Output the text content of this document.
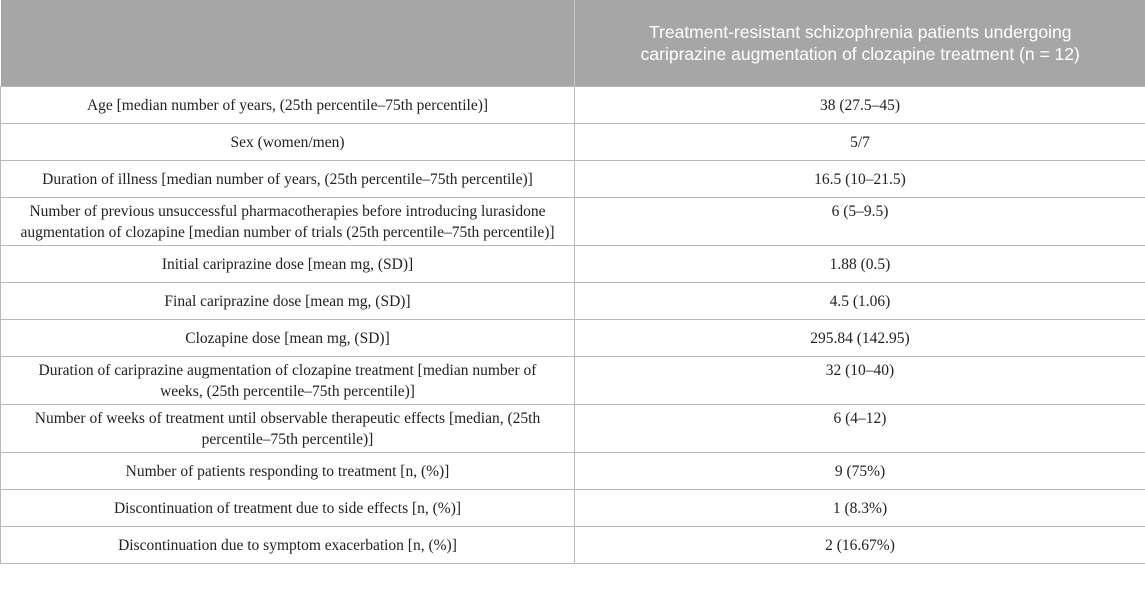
	Treatment-resistant schizophrenia patients undergoing
cariprazine augmentation of clozapine treatment (n = 12)
Age [median number of years, (25th percentile–75th percentile)]	38 (27.5–45)
Sex (women/men)	5/7
Duration of illness [median number of years, (25th percentile–75th percentile)]	16.5 (10–21.5)
Number of previous unsuccessful pharmacotherapies before introducing lurasidone
augmentation of clozapine [median number of trials (25th percentile–75th percentile)]	6 (5–9.5)
Initial cariprazine dose [mean mg, (SD)]	1.88 (0.5)
Final cariprazine dose [mean mg, (SD)]	4.5 (1.06)
Clozapine dose [mean mg, (SD)]	295.84 (142.95)
Duration of cariprazine augmentation of clozapine treatment [median number of
weeks, (25th percentile–75th percentile)]	32 (10–40)
Number of weeks of treatment until observable therapeutic effects [median, (25th
percentile–75th percentile)]	6 (4–12)
Number of patients responding to treatment [n, (%)]	9 (75%)
Discontinuation of treatment due to side effects [n, (%)]	1 (8.3%)
Discontinuation due to symptom exacerbation [n, (%)]	2 (16.67%)
